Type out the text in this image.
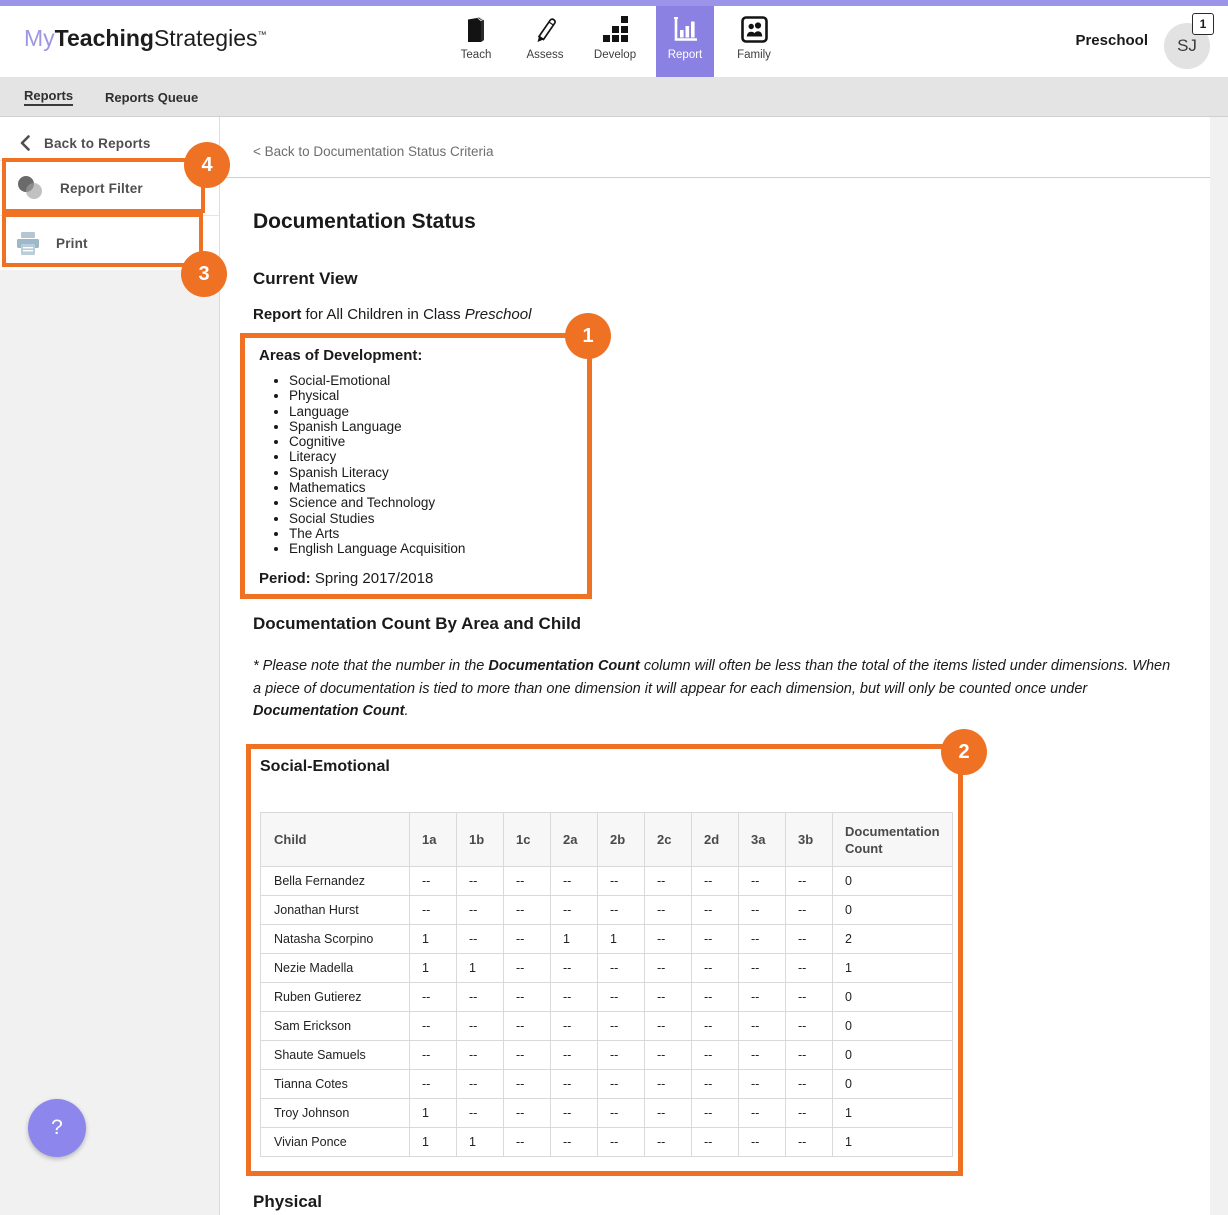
MyTeachingStrategies™
Teach	Assess	Develop	Report	Family
Preschool SJ
1
Reports Reports Queue
Back to Reports
Report Filter
Print
?
< Back to Documentation Status Criteria
Documentation Status
Current View

Report for All Children in Class Preschool

Areas of Development:
• Social-Emotional
• Physical
• Language
• Spanish Language
• Cognitive
• Literacy
• Spanish Literacy
• Mathematics
• Science and Technology
• Social Studies
• The Arts
• English Language Acquisition

Period: Spring 2017/2018

Documentation Count By Area and Child

* Please note that the number in the Documentation Count column will often be less than the total of the items listed under dimensions. When a piece of documentation is tied to more than one dimension it will appear for each dimension, but will only be counted once under Documentation Count.

Social-Emotional
Child	1a	1b	1c	2a	2b	2c	2d	3a	3b	Documentation Count
Bella Fernandez	--	--	--	--	--	--	--	--	--	0
Jonathan Hurst	--	--	--	--	--	--	--	--	--	0
Natasha Scorpino	1	--	--	1	1	--	--	--	--	2
Nezie Madella	1	1	--	--	--	--	--	--	--	1
Ruben Gutierez	--	--	--	--	--	--	--	--	--	0
Sam Erickson	--	--	--	--	--	--	--	--	--	0
Shaute Samuels	--	--	--	--	--	--	--	--	--	0
Tianna Cotes	--	--	--	--	--	--	--	--	--	0
Troy Johnson	1	--	--	--	--	--	--	--	--	1
Vivian Ponce	1	1	--	--	--	--	--	--	--	1
Physical
1
2
3
4
